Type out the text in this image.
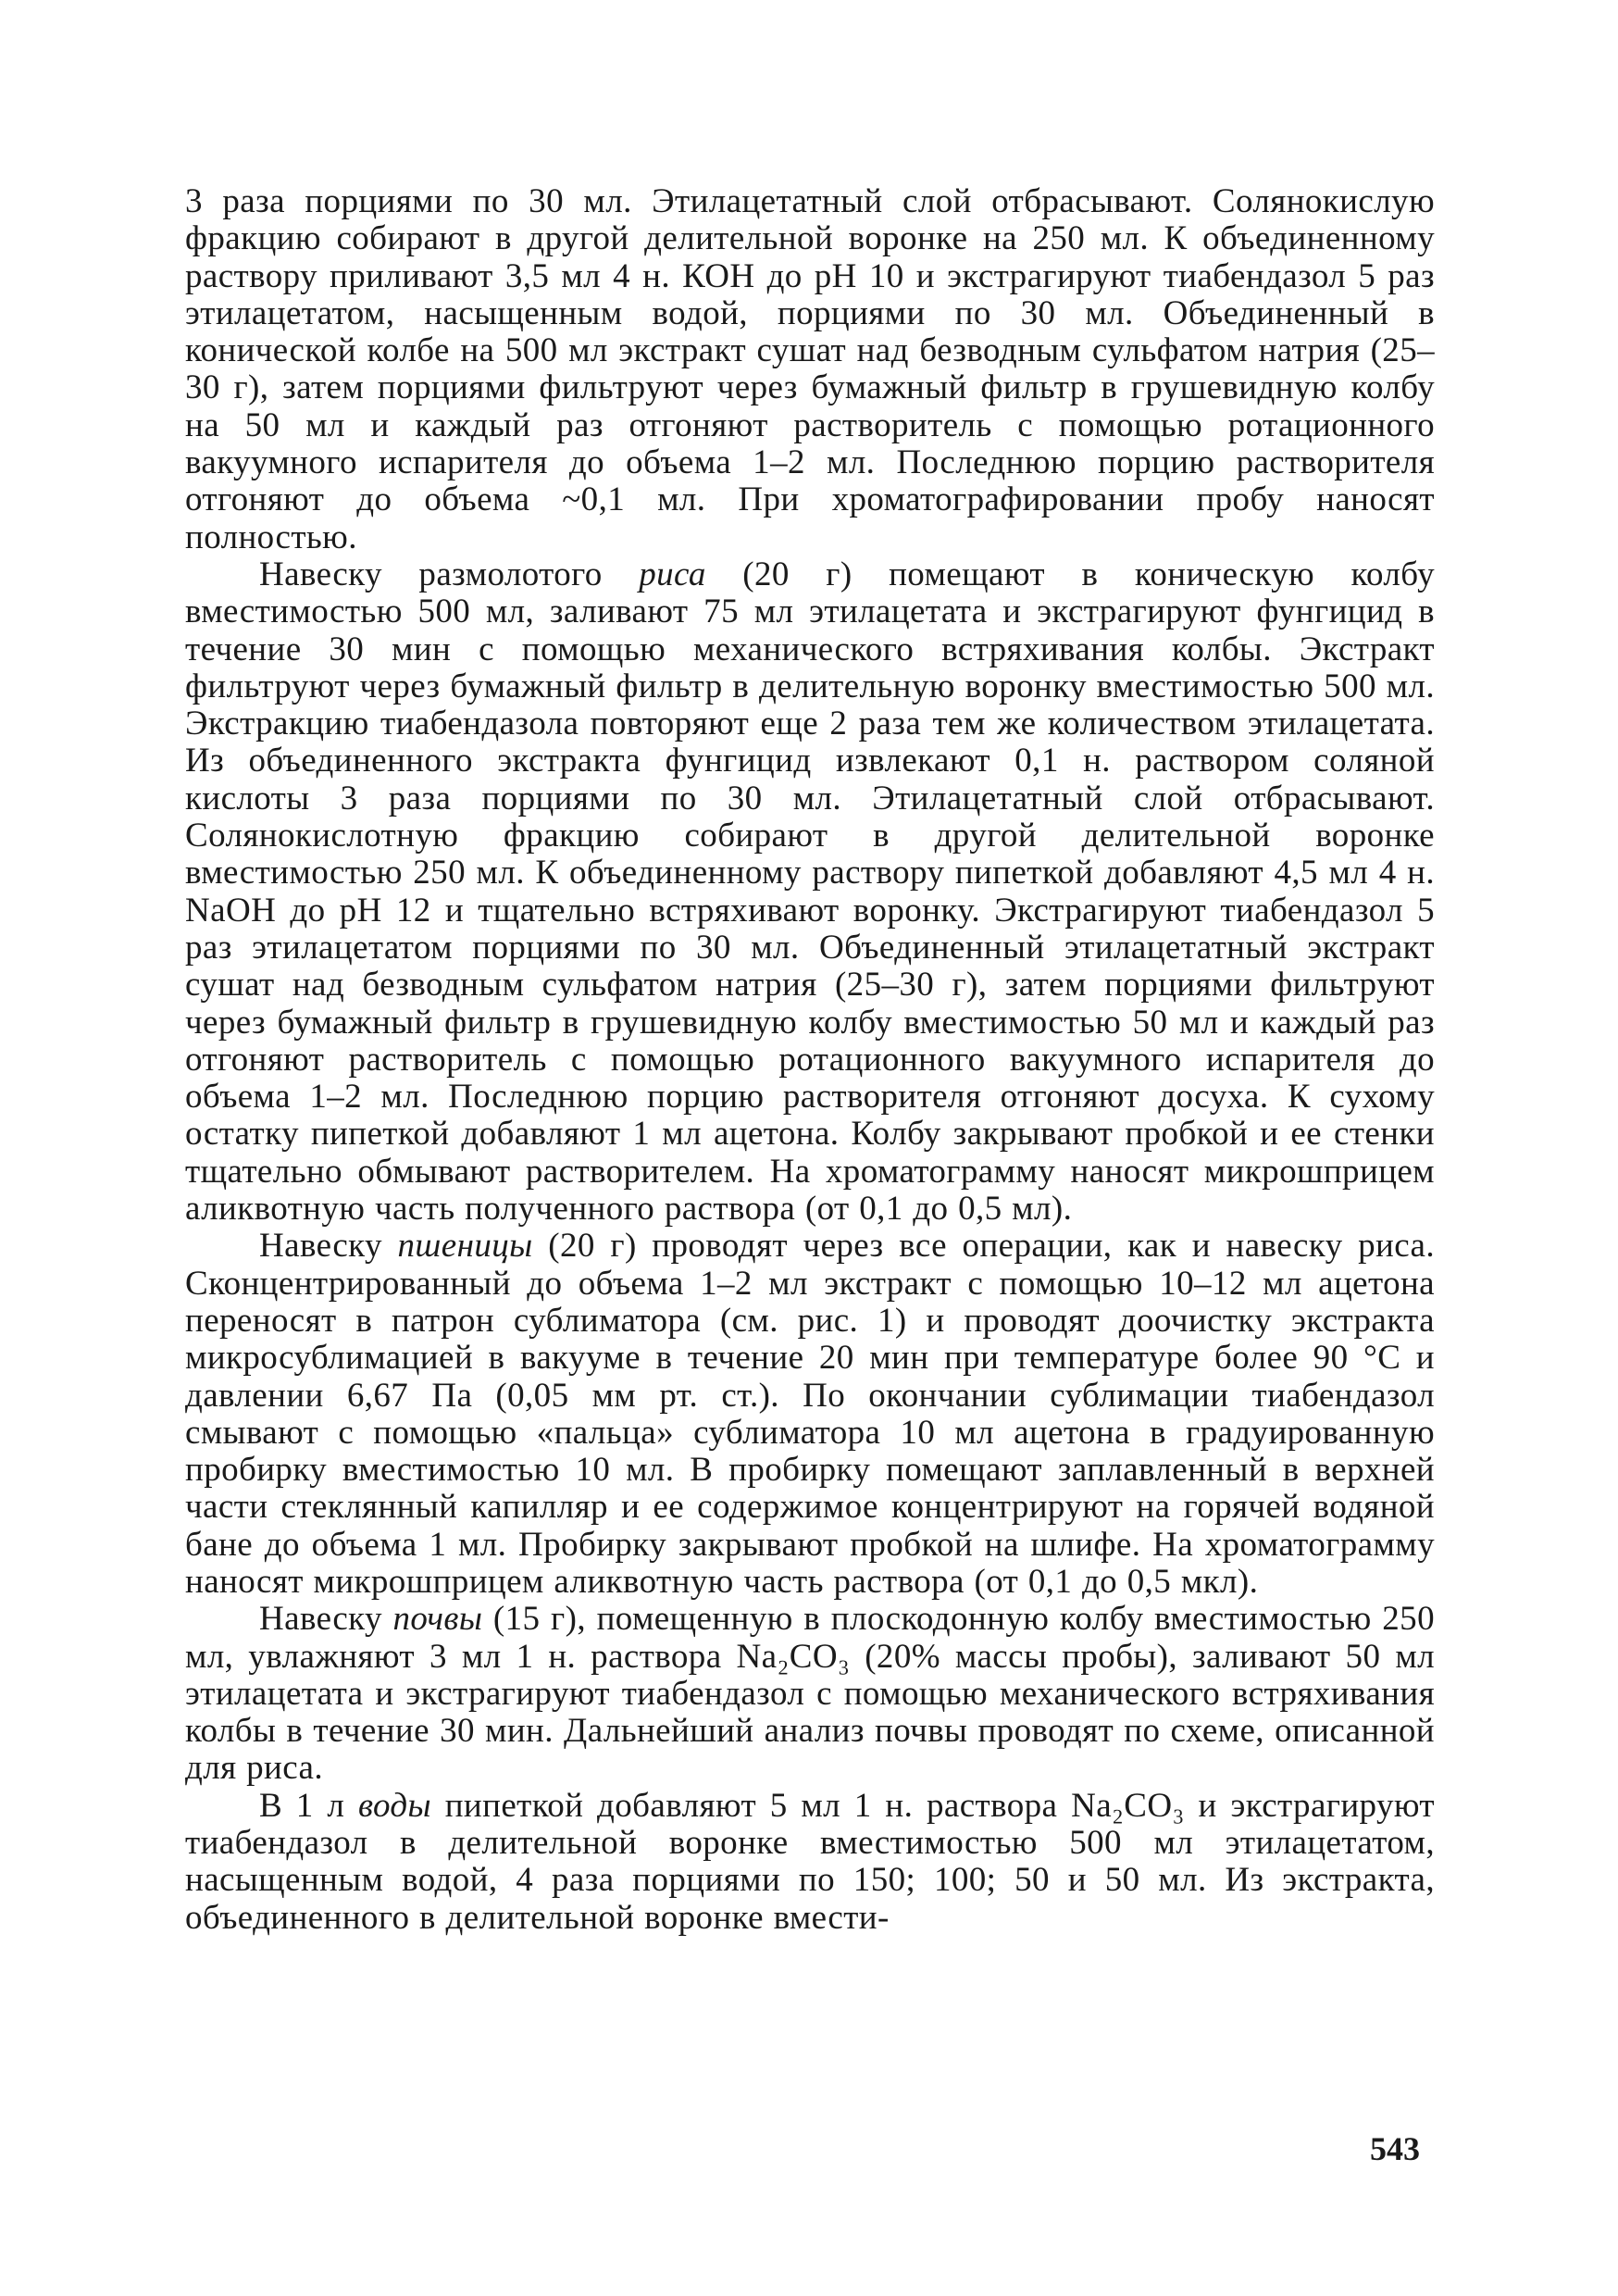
3 раза порциями по 30 мл. Этилацетатный слой отбрасывают. Солянокислую фракцию собирают в другой делительной воронке на 250 мл. К объединенному раствору приливают 3,5 мл 4 н. КОН до pH 10 и экстрагируют тиабендазол 5 раз этилацетатом, насыщенным водой, порциями по 30 мл. Объединенный в конической колбе на 500 мл экстракт сушат над безводным сульфатом натрия (25–30 г), затем порциями фильтруют через бумажный фильтр в грушевидную колбу на 50 мл и каждый раз отгоняют растворитель с помощью ротационного вакуумного испарителя до объема 1–2 мл. Последнюю порцию растворителя отгоняют до объема ~0,1 мл. При хроматографировании пробу наносят полностью.

Навеску размолотого риса (20 г) помещают в коническую колбу вместимостью 500 мл, заливают 75 мл этилацетата и экстрагируют фунгицид в течение 30 мин с помощью механического встряхивания колбы. Экстракт фильтруют через бумажный фильтр в делительную воронку вместимостью 500 мл. Экстракцию тиабендазола повторяют еще 2 раза тем же количеством этилацетата. Из объединенного экстракта фунгицид извлекают 0,1 н. раствором соляной кислоты 3 раза порциями по 30 мл. Этилацетатный слой отбрасывают. Солянокислотную фракцию собирают в другой делительной воронке вместимостью 250 мл. К объединенному раствору пипеткой добавляют 4,5 мл 4 н. NaOH до pH 12 и тщательно встряхивают воронку. Экстрагируют тиабендазол 5 раз этилацетатом порциями по 30 мл. Объединенный этилацетатный экстракт сушат над безводным сульфатом натрия (25–30 г), затем порциями фильтруют через бумажный фильтр в грушевидную колбу вместимостью 50 мл и каждый раз отгоняют растворитель с помощью ротационного вакуумного испарителя до объема 1–2 мл. Последнюю порцию растворителя отгоняют досуха. К сухому остатку пипеткой добавляют 1 мл ацетона. Колбу закрывают пробкой и ее стенки тщательно обмывают растворителем. На хроматограмму наносят микрошприцем аликвотную часть полученного раствора (от 0,1 до 0,5 мл).

Навеску пшеницы (20 г) проводят через все операции, как и навеску риса. Сконцентрированный до объема 1–2 мл экстракт с помощью 10–12 мл ацетона переносят в патрон сублиматора (см. рис. 1) и проводят доочистку экстракта микросублимацией в вакууме в течение 20 мин при температуре более 90 °С и давлении 6,67 Па (0,05 мм рт. ст.). По окончании сублимации тиабендазол смывают с помощью «пальца» сублиматора 10 мл ацетона в градуированную пробирку вместимостью 10 мл. В пробирку помещают заплавленный в верхней части стеклянный капилляр и ее содержимое концентрируют на горячей водяной бане до объема 1 мл. Пробирку закрывают пробкой на шлифе. На хроматограмму наносят микрошприцем аликвотную часть раствора (от 0,1 до 0,5 мкл).

Навеску почвы (15 г), помещенную в плоскодонную колбу вместимостью 250 мл, увлажняют 3 мл 1 н. раствора Na₂CO₃ (20% массы пробы), заливают 50 мл этилацетата и экстрагируют тиабендазол с помощью механического встряхивания колбы в течение 30 мин. Дальнейший анализ почвы проводят по схеме, описанной для риса.

В 1 л воды пипеткой добавляют 5 мл 1 н. раствора Na₂CO₃ и экстрагируют тиабендазол в делительной воронке вместимостью 500 мл этилацетатом, насыщенным водой, 4 раза порциями по 150; 100; 50 и 50 мл. Из экстракта, объединенного в делительной воронке вмести-

543
